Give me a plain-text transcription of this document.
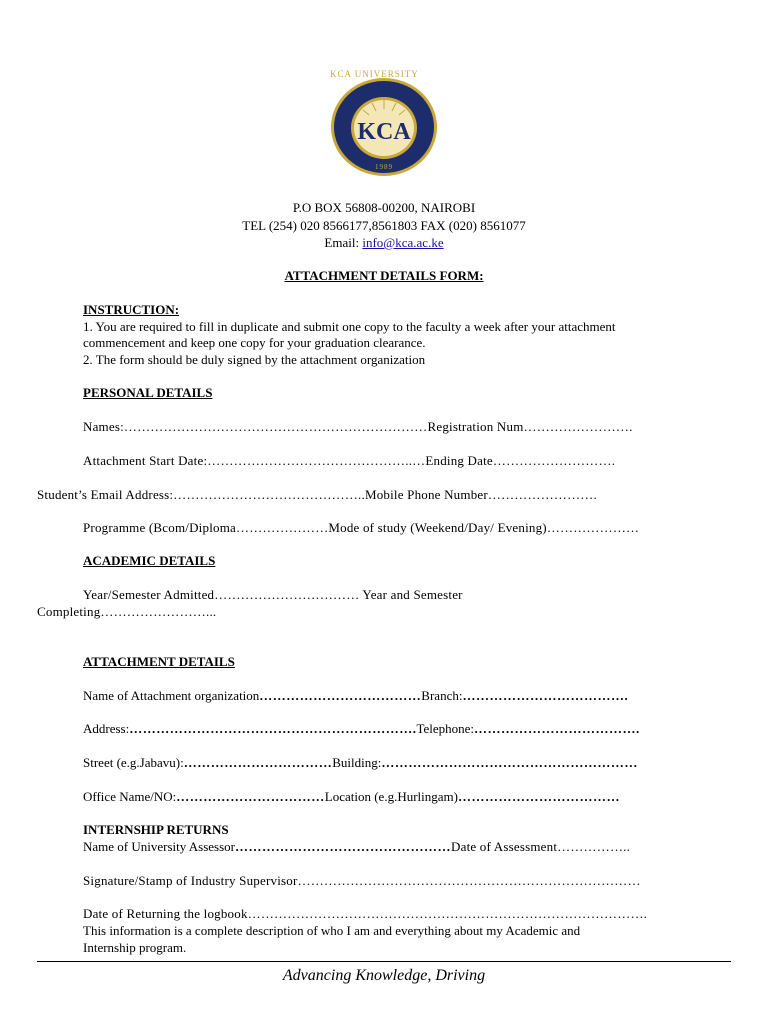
KCA UNIVERSITY
KCA
1989
P.O BOX 56808-00200, NAIROBI
TEL (254) 020 8566177,8561803 FAX (020) 8561077
Email: info@kca.ac.ke
ATTACHMENT DETAILS FORM:
INSTRUCTION:
1. You are required to fill in duplicate and submit one copy to the faculty a week after your attachment
commencement and keep one copy for your graduation clearance.
2. The form should be duly signed by the attachment organization
PERSONAL DETAILS
Names:……………………………………………………………Registration Num…………………….
Attachment Start Date:………………………………………..…Ending Date……………………….
Student’s Email Address:……………………………………..Mobile Phone Number…………………….
Programme (Bcom/Diploma…………………Mode of study (Weekend/Day/ Evening)…………………
ACADEMIC DETAILS
Year/Semester Admitted…………………………… Year and Semester
Completing……………………...
ATTACHMENT DETAILS
Name of Attachment organization………………………………Branch:……………………………….
Address:……………………………………………………….Telephone:……………………………….
Street (e.g.Jabavu):……………………………Building:…………………………………………………
Office Name/NO:……………………………Location (e.g.Hurlingam)………………………………
INTERNSHIP RETURNS
Name of University Assessor…………………………………………Date of Assessment……………..
Signature/Stamp of Industry Supervisor……………………………………………………………………
Date of Returning the logbook……………………………………………………………………………….
This information is a complete description of who I am and everything about my Academic and
Internship program.
Advancing Knowledge, Driving
